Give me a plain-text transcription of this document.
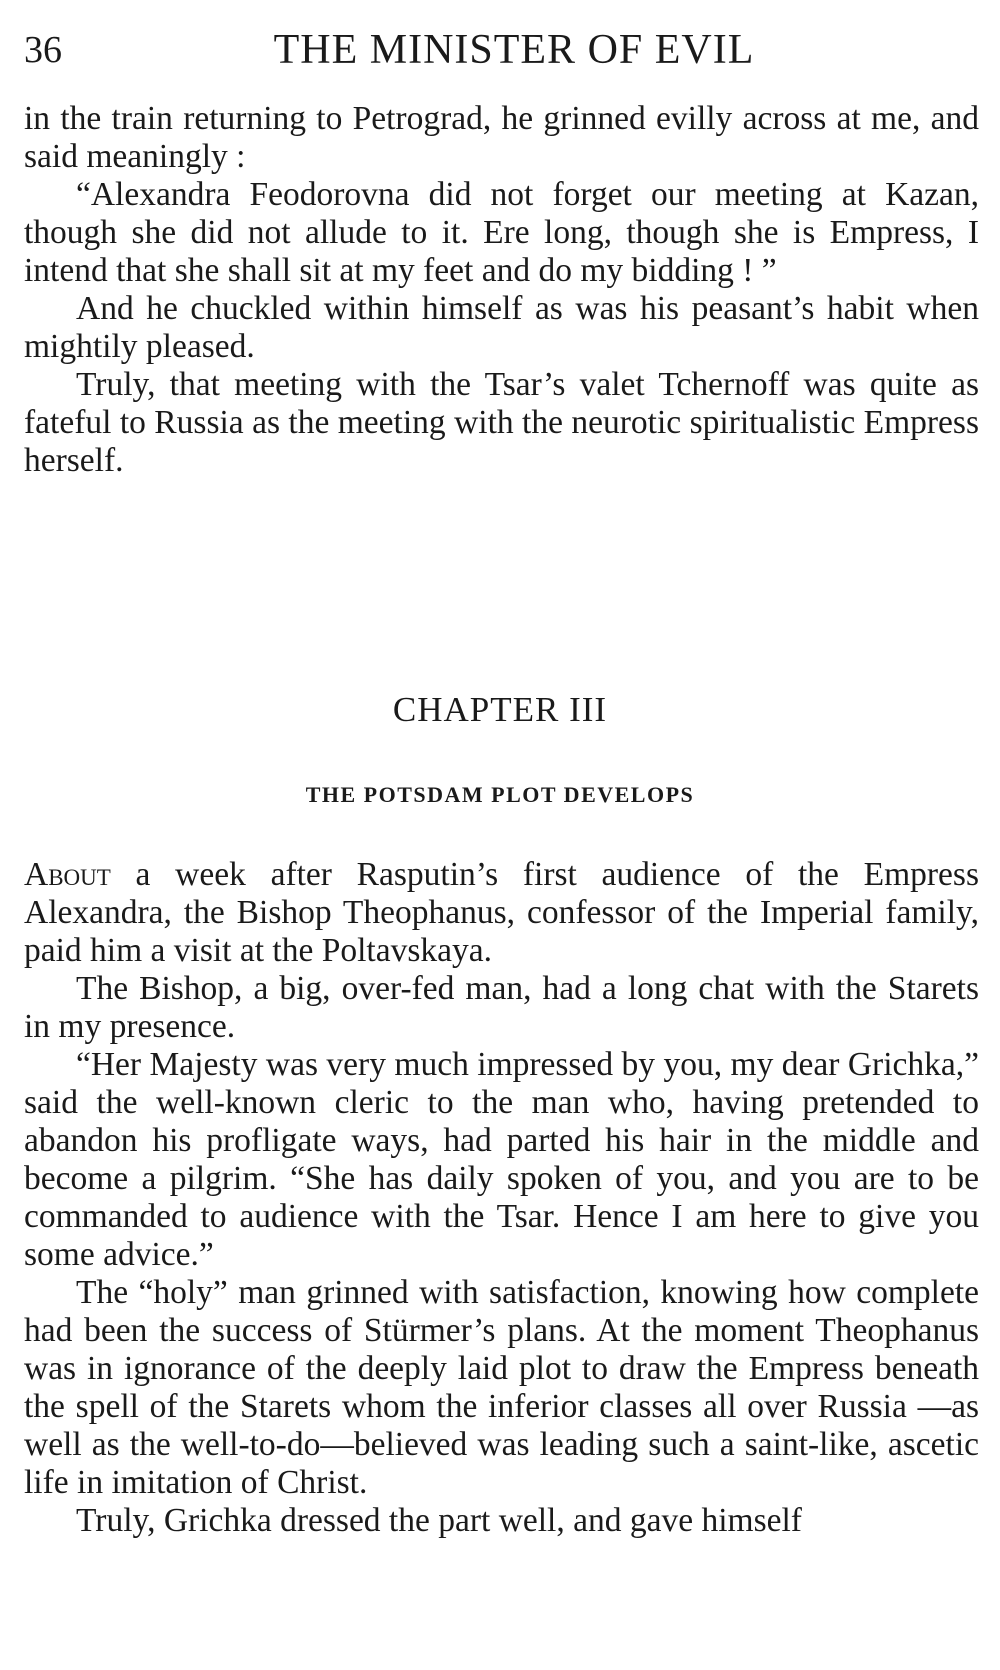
36	THE MINISTER OF EVIL

in the train returning to Petrograd, he grinned evilly across at me, and said meaningly :

“Alexandra Feodorovna did not forget our meeting at Kazan, though she did not allude to it. Ere long, though she is Empress, I intend that she shall sit at my feet and do my bidding ! ”

And he chuckled within himself as was his peasant’s habit when mightily pleased.

Truly, that meeting with the Tsar’s valet Tchernoff was quite as fateful to Russia as the meeting with the neurotic spiritualistic Empress herself.

CHAPTER III
THE POTSDAM PLOT DEVELOPS

About a week after Rasputin’s first audience of the Empress Alexandra, the Bishop Theophanus, confessor of the Imperial family, paid him a visit at the Poltavskaya.

The Bishop, a big, over-fed man, had a long chat with the Starets in my presence.

“Her Majesty was very much impressed by you, my dear Grichka,” said the well-known cleric to the man who, having pretended to abandon his profligate ways, had parted his hair in the middle and become a pilgrim. “She has daily spoken of you, and you are to be commanded to audience with the Tsar. Hence I am here to give you some advice.”

The “holy” man grinned with satisfaction, knowing how complete had been the success of Stürmer’s plans. At the moment Theophanus was in ignorance of the deeply laid plot to draw the Empress beneath the spell of the Starets whom the inferior classes all over Russia —as well as the well-to-do—believed was leading such a saint-like, ascetic life in imitation of Christ.

Truly, Grichka dressed the part well, and gave himself
